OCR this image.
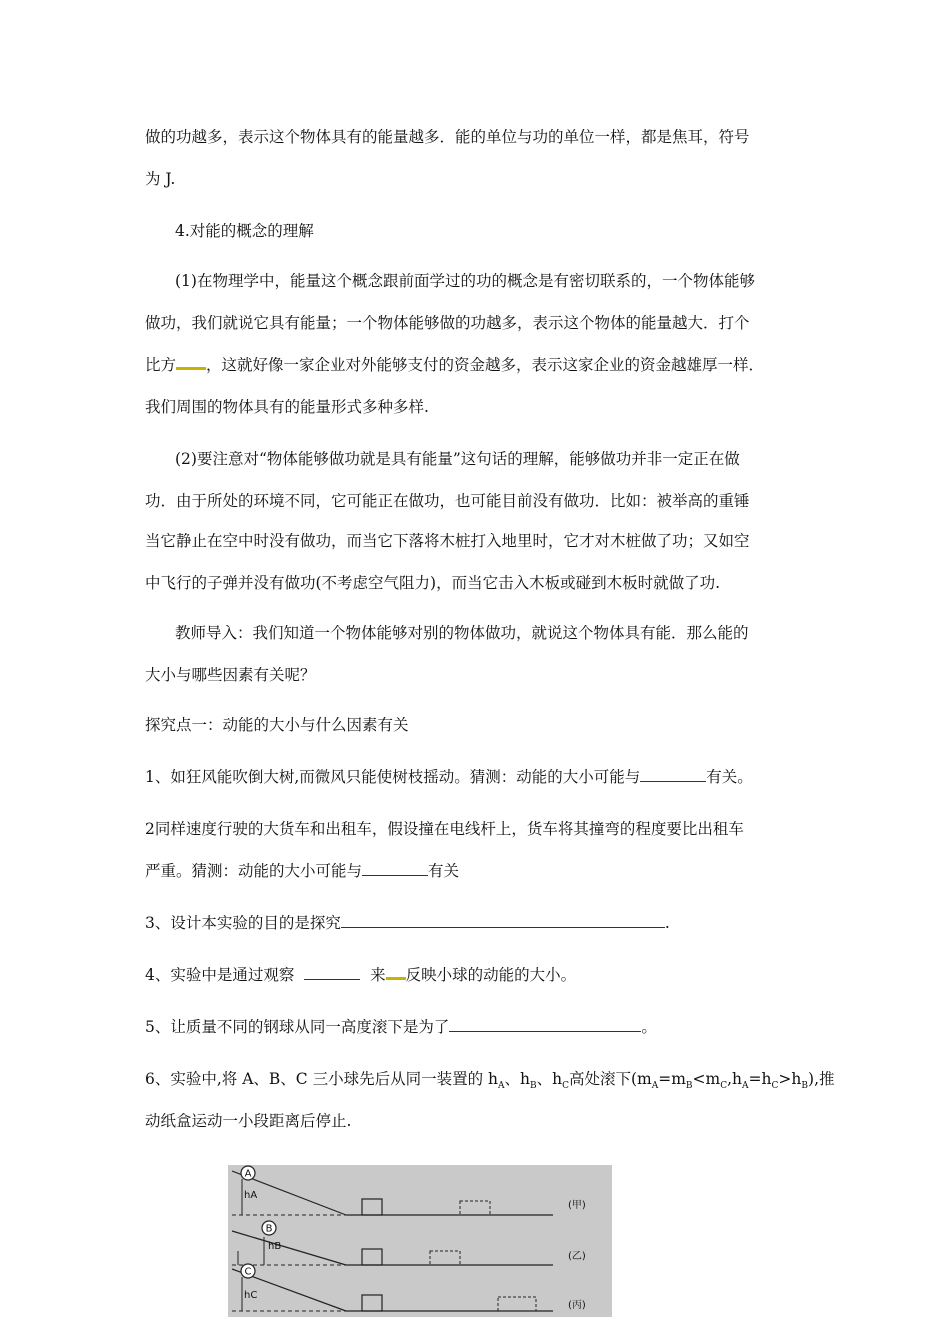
做的功越多，表示这个物体具有的能量越多．能的单位与功的单位一样，都是焦耳，符号
为 J.
4.对能的概念的理解
(1)在物理学中，能量这个概念跟前面学过的功的概念是有密切联系的，一个物体能够
做功，我们就说它具有能量；一个物体能够做的功越多，表示这个物体的能量越大．打个
比方 ，这就好像一家企业对外能够支付的资金越多，表示这家企业的资金越雄厚一样．
我们周围的物体具有的能量形式多种多样.
(2)要注意对“物体能够做功就是具有能量”这句话的理解，能够做功并非一定正在做
功．由于所处的环境不同，它可能正在做功，也可能目前没有做功．比如：被举高的重锤
当它静止在空中时没有做功，而当它下落将木桩打入地里时，它才对木桩做了功；又如空
中飞行的子弹并没有做功(不考虑空气阻力)，而当它击入木板或碰到木板时就做了功.
教师导入：我们知道一个物体能够对别的物体做功，就说这个物体具有能．那么能的
大小与哪些因素有关呢？
探究点一：动能的大小与什么因素有关
1、如狂风能吹倒大树,而微风只能使树枝摇动。猜测：动能的大小可能与	有关。
2同样速度行驶的大货车和出租车，假设撞在电线杆上，货车将其撞弯的程度要比出租车
严重。猜测：动能的大小可能与	有关
3、设计本实验的目的是探究	.
4、实验中是通过观察	来 反映小球的动能的大小。
5、让质量不同的钢球从同一高度滚下是为了	。
6、实验中,将 A、B、C 三小球先后从同一装置的 $h_A$、$h_B$、$h_C$高处滚下$(m_A=m_B<m_C,h_A=h_C>h_B)$,推
动纸盒运动一小段距离后停止.
A
hA
(甲)
B
hB
(乙)
C
hC
(丙)
